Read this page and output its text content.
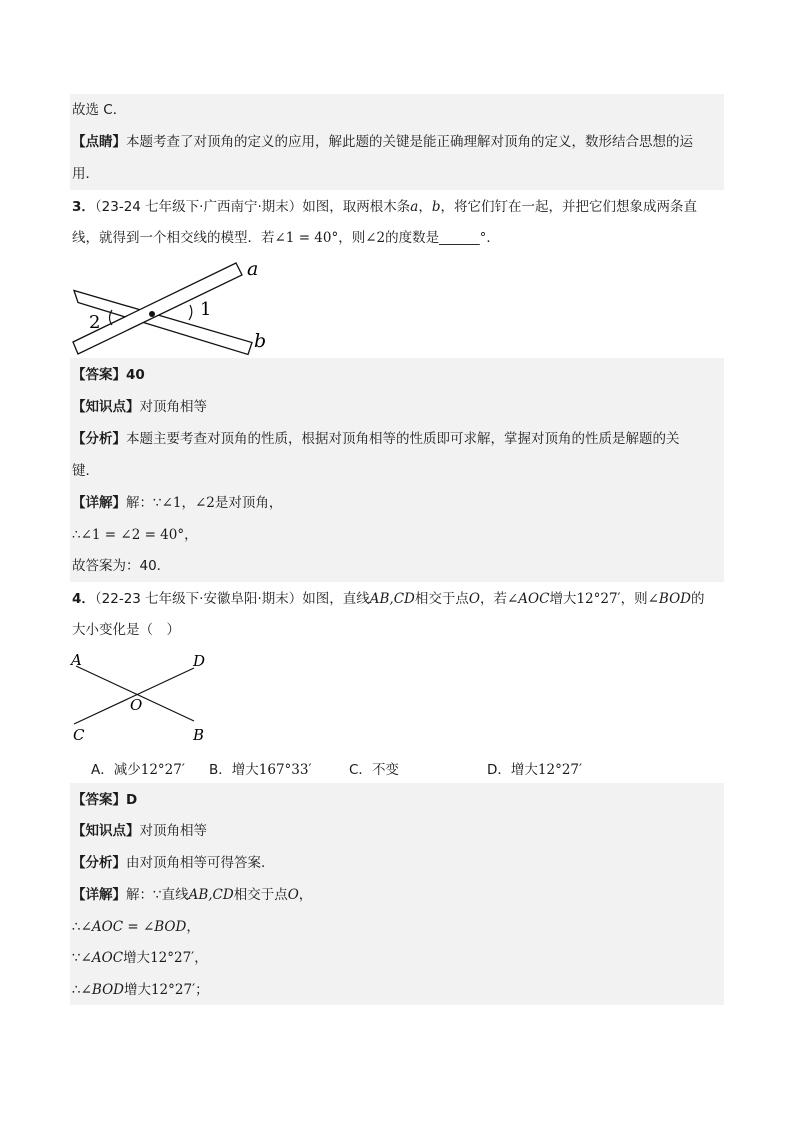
故选 C．
【点睛】本题考查了对顶角的定义的应用，解此题的关键是能正确理解对顶角的定义，数形结合思想的运
用．
3．（23-24 七年级下·广西南宁·期末）如图，取两根木条a，b，将它们钉在一起，并把它们想象成两条直
线，就得到一个相交线的模型．若∠1 = 40°，则∠2的度数是______°．
a
b
1
2
【答案】40
【知识点】对顶角相等
【分析】本题主要考查对顶角的性质，根据对顶角相等的性质即可求解，掌握对顶角的性质是解题的关
键．
【详解】解：∵∠1，∠2是对顶角，
∴∠1 = ∠2 = 40°，
故答案为：40．
4．（22-23 七年级下·安徽阜阳·期末）如图，直线AB,CD相交于点O，若∠AOC增大12°27′，则∠BOD的
大小变化是（　）
A	D
O
C	B
A．减少12°27′ B．增大167°33′	C．不变	D．增大12°27′
【答案】D
【知识点】对顶角相等
【分析】由对顶角相等可得答案．
【详解】解：∵直线AB,CD相交于点O，
∴∠AOC = ∠BOD，
∵∠AOC增大12°27′，
∴∠BOD增大12°27′；
